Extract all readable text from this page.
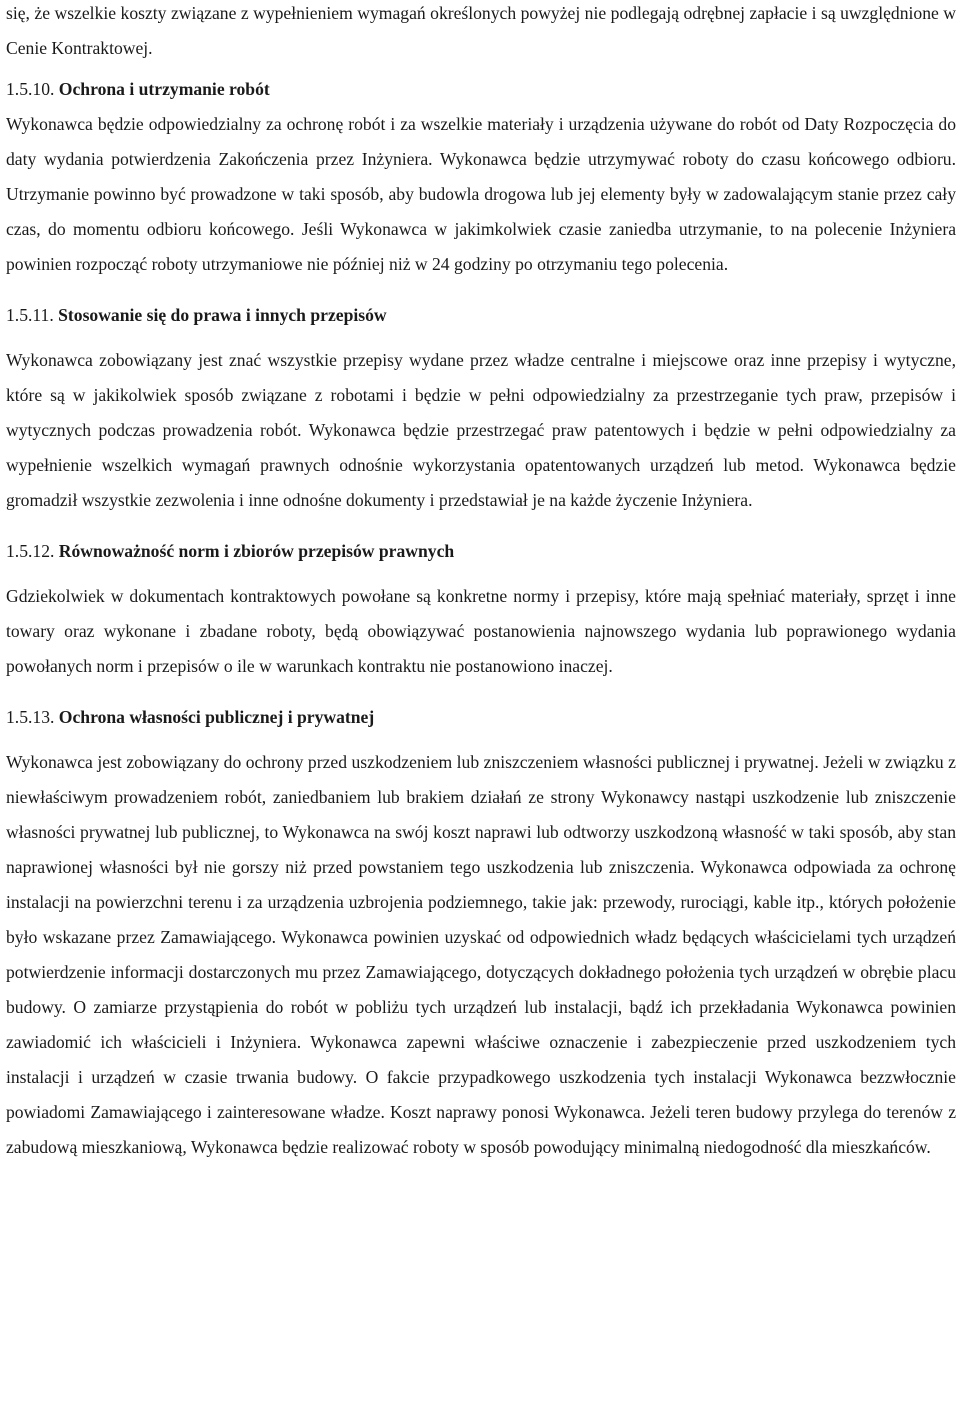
się, że wszelkie koszty związane z wypełnieniem wymagań określonych powyżej nie podlegają odrębnej zapłacie i są uwzględnione w Cenie Kontraktowej.

1.5.10. Ochrona i utrzymanie robót

Wykonawca będzie odpowiedzialny za ochronę robót i za wszelkie materiały i urządzenia używane do robót od Daty Rozpoczęcia do daty wydania potwierdzenia Zakończenia przez Inżyniera. Wykonawca będzie utrzymywać roboty do czasu końcowego odbioru. Utrzymanie powinno być prowadzone w taki sposób, aby budowla drogowa lub jej elementy były w zadowalającym stanie przez cały czas, do momentu odbioru końcowego. Jeśli Wykonawca w jakimkolwiek czasie zaniedba utrzymanie, to na polecenie Inżyniera powinien rozpocząć roboty utrzymaniowe nie później niż w 24 godziny po otrzymaniu tego polecenia.

1.5.11. Stosowanie się do prawa i innych przepisów

Wykonawca zobowiązany jest znać wszystkie przepisy wydane przez władze centralne i miejscowe oraz inne przepisy i wytyczne, które są w jakikolwiek sposób związane z robotami i będzie w pełni odpowiedzialny za przestrzeganie tych praw, przepisów i wytycznych podczas prowadzenia robót. Wykonawca będzie przestrzegać praw patentowych i będzie w pełni odpowiedzialny za wypełnienie wszelkich wymagań prawnych odnośnie wykorzystania opatentowanych urządzeń lub metod. Wykonawca będzie gromadził wszystkie zezwolenia i inne odnośne dokumenty i przedstawiał je na każde życzenie Inżyniera.

1.5.12. Równoważność norm i zbiorów przepisów prawnych

Gdziekolwiek w dokumentach kontraktowych powołane są konkretne normy i przepisy, które mają spełniać materiały, sprzęt i inne towary oraz wykonane i zbadane roboty, będą obowiązywać postanowienia najnowszego wydania lub poprawionego wydania powołanych norm i przepisów o ile w warunkach kontraktu nie postanowiono inaczej.

1.5.13. Ochrona własności publicznej i prywatnej

Wykonawca jest zobowiązany do ochrony przed uszkodzeniem lub zniszczeniem własności publicznej i prywatnej. Jeżeli w związku z niewłaściwym prowadzeniem robót, zaniedbaniem lub brakiem działań ze strony Wykonawcy nastąpi uszkodzenie lub zniszczenie własności prywatnej lub publicznej, to Wykonawca na swój koszt naprawi lub odtworzy uszkodzoną własność w taki sposób, aby stan naprawionej własności był nie gorszy niż przed powstaniem tego uszkodzenia lub zniszczenia. Wykonawca odpowiada za ochronę instalacji na powierzchni terenu i za urządzenia uzbrojenia podziemnego, takie jak: przewody, rurociągi, kable itp., których położenie było wskazane przez Zamawiającego. Wykonawca powinien uzyskać od odpowiednich władz będących właścicielami tych urządzeń potwierdzenie informacji dostarczonych mu przez Zamawiającego, dotyczących dokładnego położenia tych urządzeń w obrębie placu budowy. O zamiarze przystąpienia do robót w pobliżu tych urządzeń lub instalacji, bądź ich przekładania Wykonawca powinien zawiadomić ich właścicieli i Inżyniera. Wykonawca zapewni właściwe oznaczenie i zabezpieczenie przed uszkodzeniem tych instalacji i urządzeń w czasie trwania budowy. O fakcie przypadkowego uszkodzenia tych instalacji Wykonawca bezzwłocznie powiadomi Zamawiającego i zainteresowane władze. Koszt naprawy ponosi Wykonawca. Jeżeli teren budowy przylega do terenów z zabudową mieszkaniową, Wykonawca będzie realizować roboty w sposób powodujący minimalną niedogodność dla mieszkańców.
